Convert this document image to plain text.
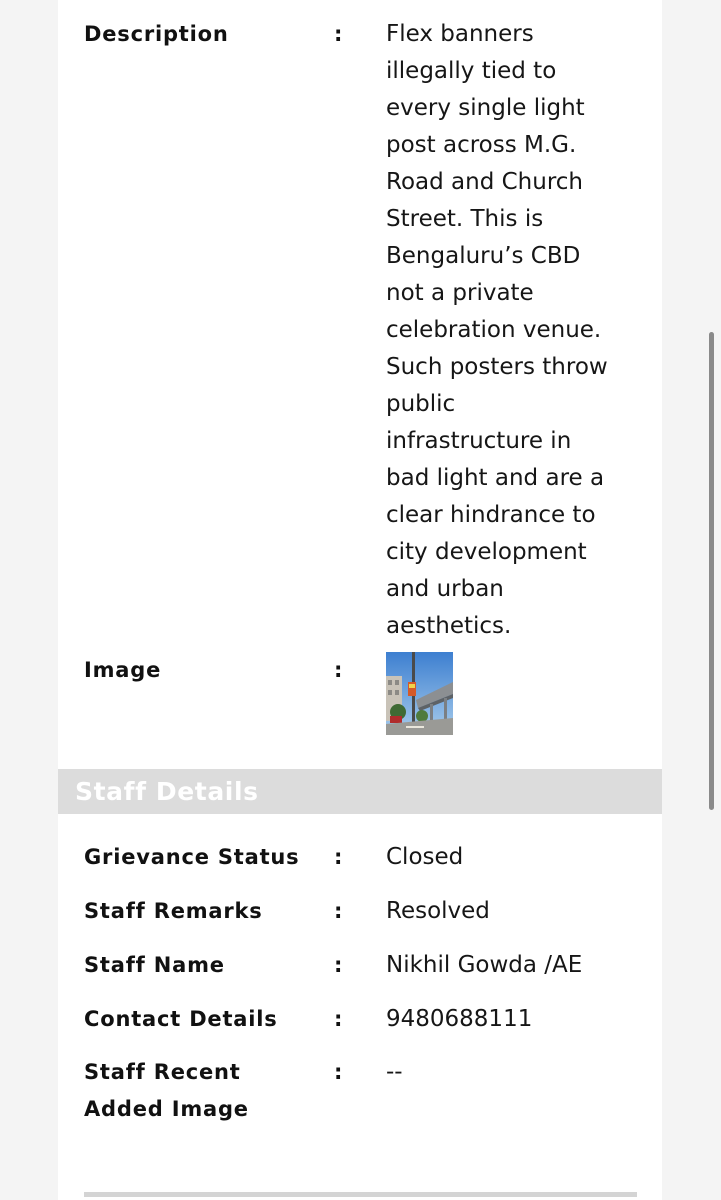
Description	: Flex banners
illegally tied to
every single light
post across M.G.
Road and Church
Street. This is
Bengaluru’s CBD
not a private
celebration venue.
Such posters throw
public
infrastructure in
bad light and are a
clear hindrance to
city development
and urban
aesthetics.
Image	:
Staff Details
Grievance Status	: Closed
Staff Remarks	: Resolved
Staff Name	: Nikhil Gowda /AE
Contact Details	: 9480688111
Staff Recent
Added Image
: --
